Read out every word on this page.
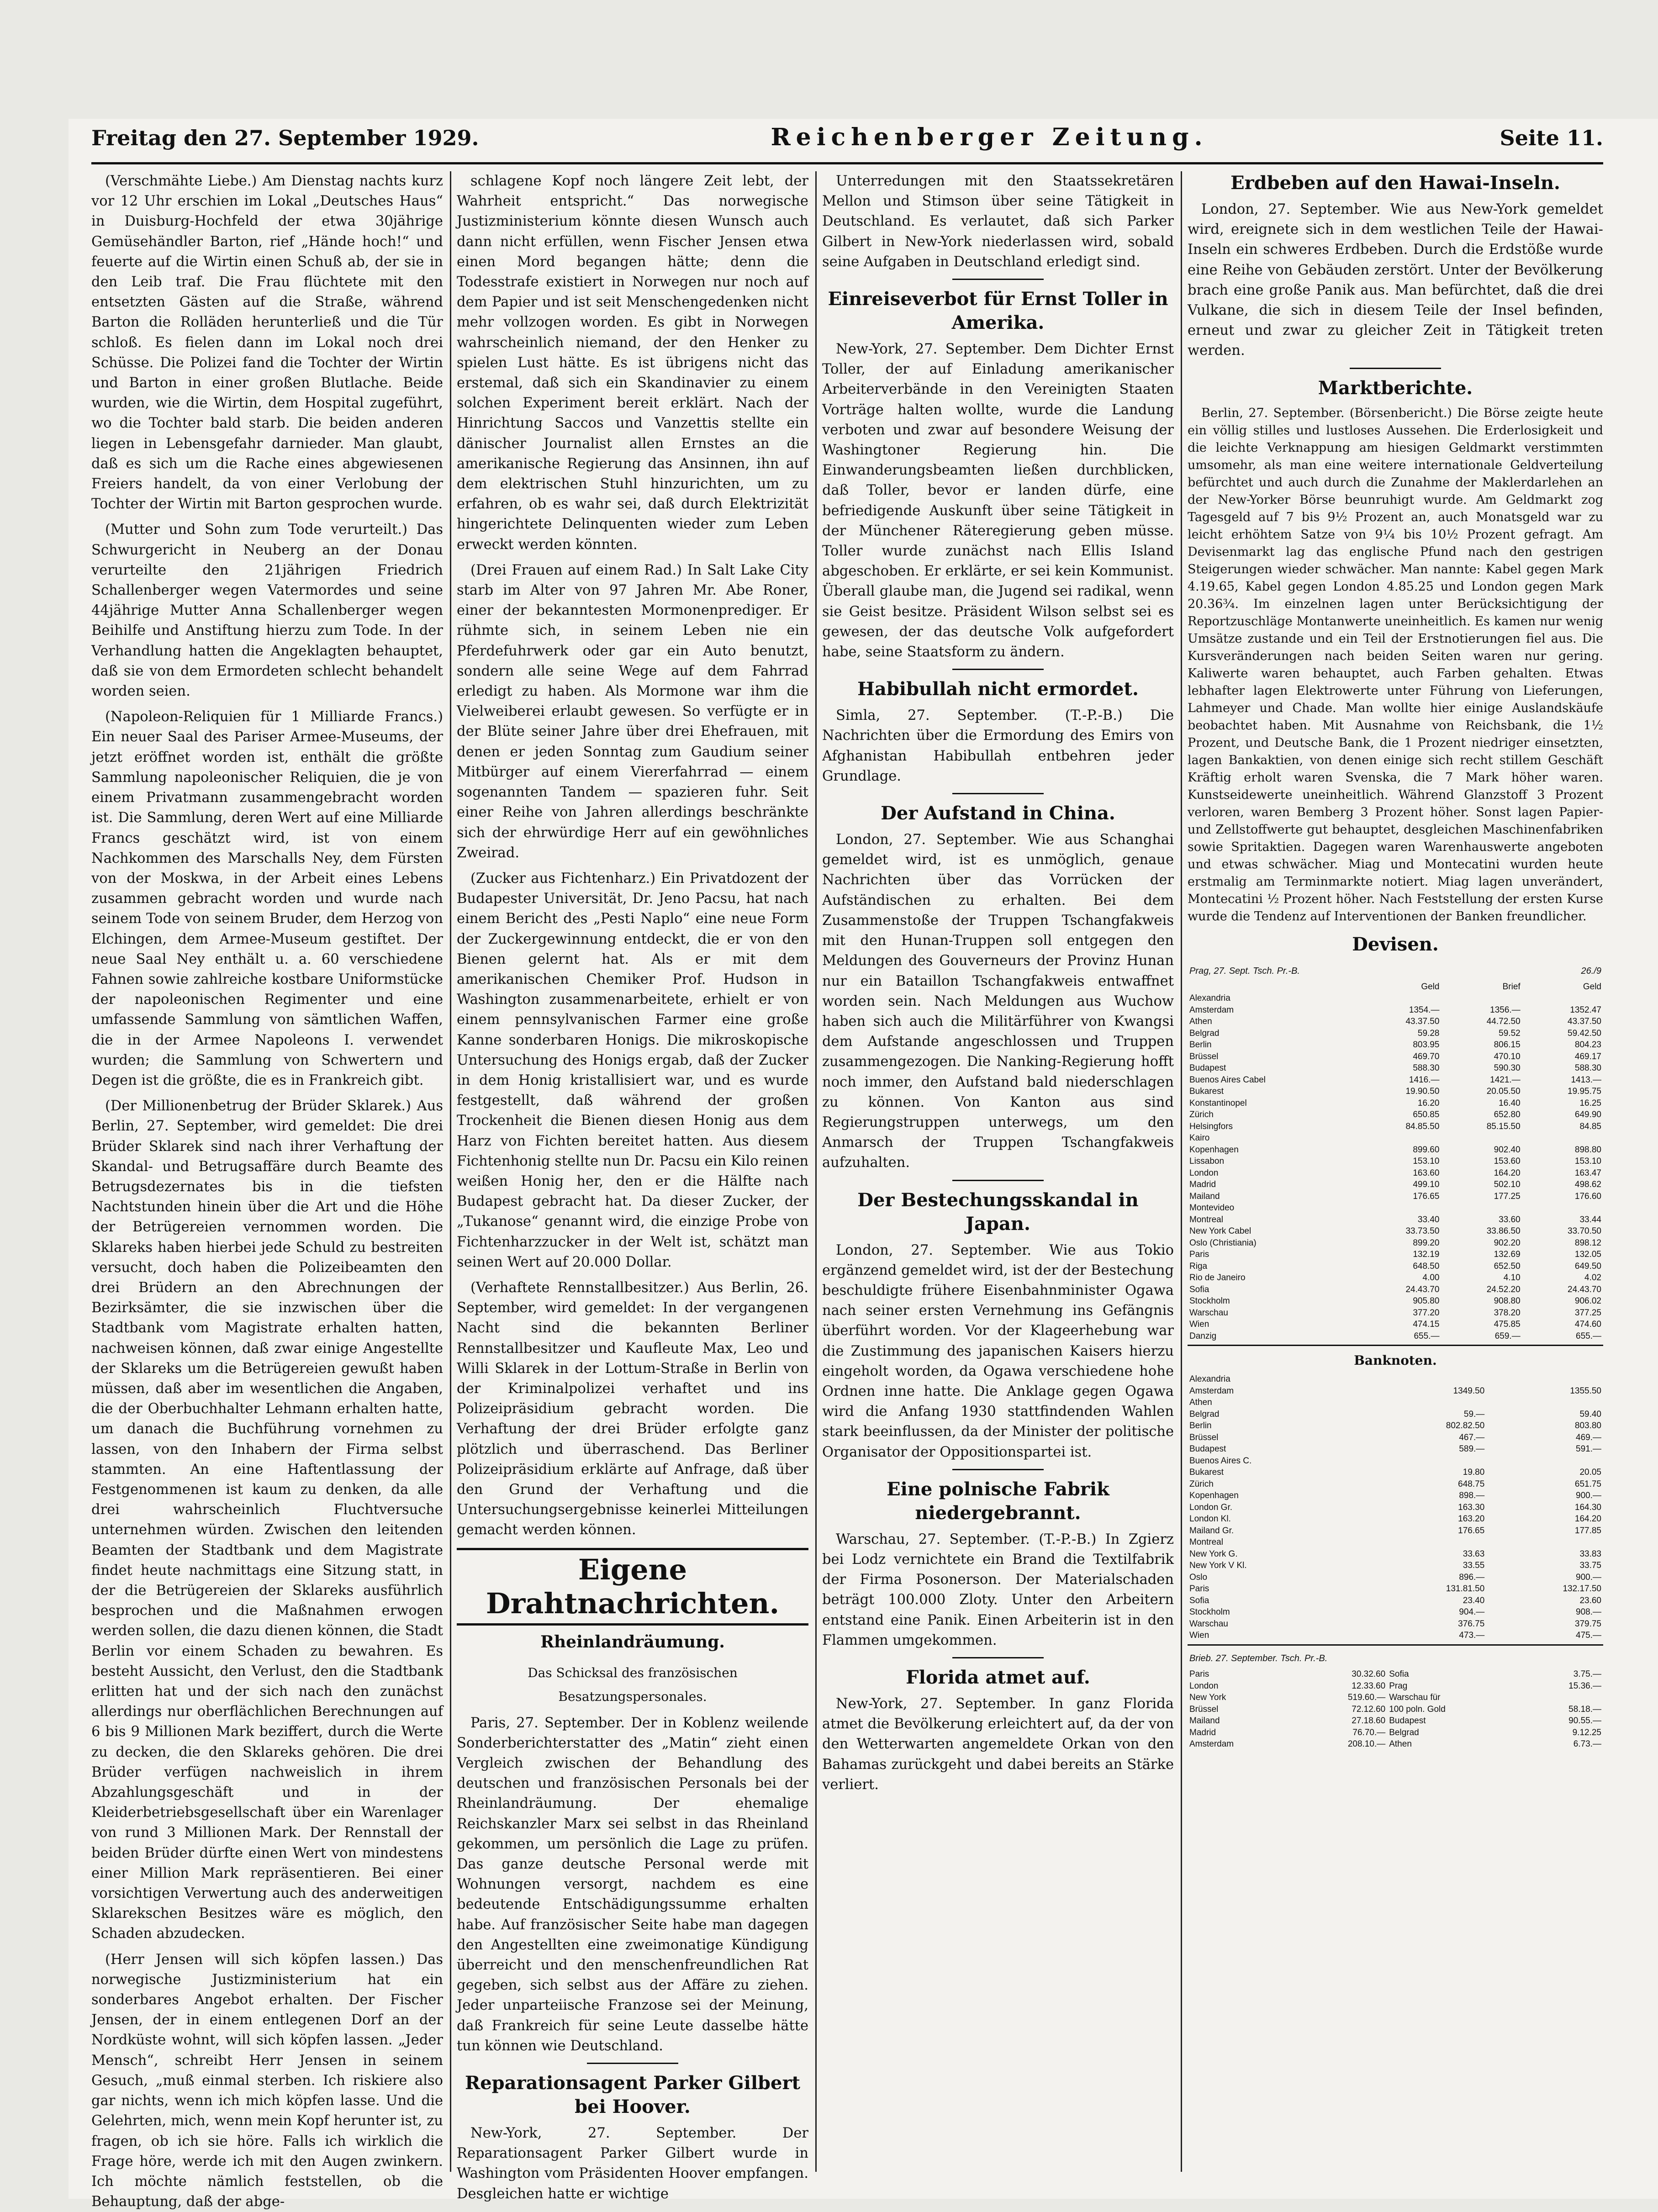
Freitag den 27. September 1929.	Reichenberger Zeitung.	Seite 11.

(Verschmähte Liebe.) Am Dienstag nachts kurz vor 12 Uhr erschien im Lokal „Deutsches Haus“ in Duisburg-Hochfeld der etwa 30jährige Gemüsehändler Barton, rief „Hände hoch!“ und feuerte auf die Wirtin einen Schuß ab, der sie in den Leib traf. Die Frau flüchtete mit den entsetzten Gästen auf die Straße, während Barton die Rolläden herunterließ und die Tür schloß. Es fielen dann im Lokal noch drei Schüsse. Die Polizei fand die Tochter der Wirtin und Barton in einer großen Blutlache. Beide wurden, wie die Wirtin, dem Hospital zugeführt, wo die Tochter bald starb. Die beiden anderen liegen in Lebensgefahr darnieder. Man glaubt, daß es sich um die Rache eines abgewiesenen Freiers handelt, da von einer Verlobung der Tochter der Wirtin mit Barton gesprochen wurde.

(Mutter und Sohn zum Tode verurteilt.) Das Schwurgericht in Neuberg an der Donau verurteilte den 21jährigen Friedrich Schallenberger wegen Vatermordes und seine 44jährige Mutter Anna Schallenberger wegen Beihilfe und Anstiftung hierzu zum Tode. In der Verhandlung hatten die Angeklagten behauptet, daß sie von dem Ermordeten schlecht behandelt worden seien.

(Napoleon-Reliquien für 1 Milliarde Francs.) Ein neuer Saal des Pariser Armee-Museums, der jetzt eröffnet worden ist, enthält die größte Sammlung napoleonischer Reliquien, die je von einem Privatmann zusammengebracht worden ist. Die Sammlung, deren Wert auf eine Milliarde Francs geschätzt wird, ist von einem Nachkommen des Marschalls Ney, dem Fürsten von der Moskwa, in der Arbeit eines Lebens zusammen gebracht worden und wurde nach seinem Tode von seinem Bruder, dem Herzog von Elchingen, dem Armee-Museum gestiftet. Der neue Saal Ney enthält u. a. 60 verschiedene Fahnen sowie zahlreiche kostbare Uniformstücke der napoleonischen Regimenter und eine umfassende Sammlung von sämtlichen Waffen, die in der Armee Napoleons I. verwendet wurden; die Sammlung von Schwertern und Degen ist die größte, die es in Frankreich gibt.

(Der Millionenbetrug der Brüder Sklarek.) Aus Berlin, 27. September, wird gemeldet: Die drei Brüder Sklarek sind nach ihrer Verhaftung der Skandal- und Betrugsaffäre durch Beamte des Betrugsdezernates bis in die tiefsten Nachtstunden hinein über die Art und die Höhe der Betrügereien vernommen worden. Die Sklareks haben hierbei jede Schuld zu bestreiten versucht, doch haben die Polizeibeamten den drei Brüdern an den Abrechnungen der Bezirksämter, die sie inzwischen über die Stadtbank vom Magistrate erhalten hatten, nachweisen können, daß zwar einige Angestellte der Sklareks um die Betrügereien gewußt haben müssen, daß aber im wesentlichen die Angaben, die der Oberbuchhalter Lehmann erhalten hatte, um danach die Buchführung vornehmen zu lassen, von den Inhabern der Firma selbst stammten. An eine Haftentlassung der Festgenommenen ist kaum zu denken, da alle drei wahrscheinlich Fluchtversuche unternehmen würden. Zwischen den leitenden Beamten der Stadtbank und dem Magistrate findet heute nachmittags eine Sitzung statt, in der die Betrügereien der Sklareks ausführlich besprochen und die Maßnahmen erwogen werden sollen, die dazu dienen können, die Stadt Berlin vor einem Schaden zu bewahren. Es besteht Aussicht, den Verlust, den die Stadtbank erlitten hat und der sich nach den zunächst allerdings nur oberflächlichen Berechnungen auf 6 bis 9 Millionen Mark beziffert, durch die Werte zu decken, die den Sklareks gehören. Die drei Brüder verfügen nachweislich in ihrem Abzahlungsgeschäft und in der Kleiderbetriebsgesellschaft über ein Warenlager von rund 3 Millionen Mark. Der Rennstall der beiden Brüder dürfte einen Wert von mindestens einer Million Mark repräsentieren. Bei einer vorsichtigen Verwertung auch des anderweitigen Sklarekschen Besitzes wäre es möglich, den Schaden abzudecken.

(Herr Jensen will sich köpfen lassen.) Das norwegische Justizministerium hat ein sonderbares Angebot erhalten. Der Fischer Jensen, der in einem entlegenen Dorf an der Nordküste wohnt, will sich köpfen lassen. „Jeder Mensch“, schreibt Herr Jensen in seinem Gesuch, „muß einmal sterben. Ich riskiere also gar nichts, wenn ich mich köpfen lasse. Und die Gelehrten, mich, wenn mein Kopf herunter ist, zu fragen, ob ich sie höre. Falls ich wirklich die Frage höre, werde ich mit den Augen zwinkern. Ich möchte nämlich feststellen, ob die Behauptung, daß der abge-

schlagene Kopf noch längere Zeit lebt, der Wahrheit entspricht.“ Das norwegische Justizministerium könnte diesen Wunsch auch dann nicht erfüllen, wenn Fischer Jensen etwa einen Mord begangen hätte; denn die Todesstrafe existiert in Norwegen nur noch auf dem Papier und ist seit Menschengedenken nicht mehr vollzogen worden. Es gibt in Norwegen wahrscheinlich niemand, der den Henker zu spielen Lust hätte. Es ist übrigens nicht das erstemal, daß sich ein Skandinavier zu einem solchen Experiment bereit erklärt. Nach der Hinrichtung Saccos und Vanzettis stellte ein dänischer Journalist allen Ernstes an die amerikanische Regierung das Ansinnen, ihn auf dem elektrischen Stuhl hinzurichten, um zu erfahren, ob es wahr sei, daß durch Elektrizität hingerichtete Delinquenten wieder zum Leben erweckt werden könnten.

(Drei Frauen auf einem Rad.) In Salt Lake City starb im Alter von 97 Jahren Mr. Abe Roner, einer der bekanntesten Mormonenprediger. Er rühmte sich, in seinem Leben nie ein Pferdefuhrwerk oder gar ein Auto benutzt, sondern alle seine Wege auf dem Fahrrad erledigt zu haben. Als Mormone war ihm die Vielweiberei erlaubt gewesen. So verfügte er in der Blüte seiner Jahre über drei Ehefrauen, mit denen er jeden Sonntag zum Gaudium seiner Mitbürger auf einem Viererfahrrad — einem sogenannten Tandem — spazieren fuhr. Seit einer Reihe von Jahren allerdings beschränkte sich der ehrwürdige Herr auf ein gewöhnliches Zweirad.

(Zucker aus Fichtenharz.) Ein Privatdozent der Budapester Universität, Dr. Jeno Pacsu, hat nach einem Bericht des „Pesti Naplo“ eine neue Form der Zuckergewinnung entdeckt, die er von den Bienen gelernt hat. Als er mit dem amerikanischen Chemiker Prof. Hudson in Washington zusammenarbeitete, erhielt er von einem pennsylvanischen Farmer eine große Kanne sonderbaren Honigs. Die mikroskopische Untersuchung des Honigs ergab, daß der Zucker in dem Honig kristallisiert war, und es wurde festgestellt, daß während der großen Trockenheit die Bienen diesen Honig aus dem Harz von Fichten bereitet hatten. Aus diesem Fichtenhonig stellte nun Dr. Pacsu ein Kilo reinen weißen Honig her, den er die Hälfte nach Budapest gebracht hat. Da dieser Zucker, der „Tukanose“ genannt wird, die einzige Probe von Fichtenharzzucker in der Welt ist, schätzt man seinen Wert auf 20.000 Dollar.

(Verhaftete Rennstallbesitzer.) Aus Berlin, 26. September, wird gemeldet: In der vergangenen Nacht sind die bekannten Berliner Rennstallbesitzer und Kaufleute Max, Leo und Willi Sklarek in der Lottum-Straße in Berlin von der Kriminalpolizei verhaftet und ins Polizeipräsidium gebracht worden. Die Verhaftung der drei Brüder erfolgte ganz plötzlich und überraschend. Das Berliner Polizeipräsidium erklärte auf Anfrage, daß über den Grund der Verhaftung und die Untersuchungsergebnisse keinerlei Mitteilungen gemacht werden können.

Eigene Drahtnachrichten.
Rheinlandräumung.
Das Schicksal des französischen Besatzungspersonales.

Paris, 27. September. Der in Koblenz weilende Sonderberichterstatter des „Matin“ zieht einen Vergleich zwischen der Behandlung des deutschen und französischen Personals bei der Rheinlandräumung. Der ehemalige Reichskanzler Marx sei selbst in das Rheinland gekommen, um persönlich die Lage zu prüfen. Das ganze deutsche Personal werde mit Wohnungen versorgt, nachdem es eine bedeutende Entschädigungssumme erhalten habe. Auf französischer Seite habe man dagegen den Angestellten eine zweimonatige Kündigung überreicht und den menschenfreundlichen Rat gegeben, sich selbst aus der Affäre zu ziehen. Jeder unparteiische Franzose sei der Meinung, daß Frankreich für seine Leute dasselbe hätte tun können wie Deutschland.

Reparationsagent Parker Gilbert bei Hoover.

New-York, 27. September. Der Reparationsagent Parker Gilbert wurde in Washington vom Präsidenten Hoover empfangen. Desgleichen hatte er wichtige

Unterredungen mit den Staatssekretären Mellon und Stimson über seine Tätigkeit in Deutschland. Es verlautet, daß sich Parker Gilbert in New-York niederlassen wird, sobald seine Aufgaben in Deutschland erledigt sind.

Einreiseverbot für Ernst Toller in Amerika.

New-York, 27. September. Dem Dichter Ernst Toller, der auf Einladung amerikanischer Arbeiterverbände in den Vereinigten Staaten Vorträge halten wollte, wurde die Landung verboten und zwar auf besondere Weisung der Washingtoner Regierung hin. Die Einwanderungsbeamten ließen durchblicken, daß Toller, bevor er landen dürfe, eine befriedigende Auskunft über seine Tätigkeit in der Münchener Räteregierung geben müsse. Toller wurde zunächst nach Ellis Island abgeschoben. Er erklärte, er sei kein Kommunist. Überall glaube man, die Jugend sei radikal, wenn sie Geist besitze. Präsident Wilson selbst sei es gewesen, der das deutsche Volk aufgefordert habe, seine Staatsform zu ändern.

Habibullah nicht ermordet.

Simla, 27. September. (T.-P.-B.) Die Nachrichten über die Ermordung des Emirs von Afghanistan Habibullah entbehren jeder Grundlage.

Der Aufstand in China.

London, 27. September. Wie aus Schanghai gemeldet wird, ist es unmöglich, genaue Nachrichten über das Vorrücken der Aufständischen zu erhalten. Bei dem Zusammenstoße der Truppen Tschangfakweis mit den Hunan-Truppen soll entgegen den Meldungen des Gouverneurs der Provinz Hunan nur ein Bataillon Tschangfakweis entwaffnet worden sein. Nach Meldungen aus Wuchow haben sich auch die Militärführer von Kwangsi dem Aufstande angeschlossen und Truppen zusammengezogen. Die Nanking-Regierung hofft noch immer, den Aufstand bald niederschlagen zu können. Von Kanton aus sind Regierungstruppen unterwegs, um den Anmarsch der Truppen Tschangfakweis aufzuhalten.

Der Bestechungsskandal in Japan.

London, 27. September. Wie aus Tokio ergänzend gemeldet wird, ist der der Bestechung beschuldigte frühere Eisenbahnminister Ogawa nach seiner ersten Vernehmung ins Gefängnis überführt worden. Vor der Klageerhebung war die Zustimmung des japanischen Kaisers hierzu eingeholt worden, da Ogawa verschiedene hohe Ordnen inne hatte. Die Anklage gegen Ogawa wird die Anfang 1930 stattfindenden Wahlen stark beeinflussen, da der Minister der politische Organisator der Oppositionspartei ist.

Eine polnische Fabrik niedergebrannt.

Warschau, 27. September. (T.-P.-B.) In Zgierz bei Lodz vernichtete ein Brand die Textilfabrik der Firma Posonerson. Der Materialschaden beträgt 100.000 Zloty. Unter den Arbeitern entstand eine Panik. Einen Arbeiterin ist in den Flammen umgekommen.

Florida atmet auf.

New-York, 27. September. In ganz Florida atmet die Bevölkerung erleichtert auf, da der von den Wetterwarten angemeldete Orkan von den Bahamas zurückgeht und dabei bereits an Stärke verliert.

Erdbeben auf den Hawai-Inseln.

London, 27. September. Wie aus New-York gemeldet wird, ereignete sich in dem westlichen Teile der Hawai-Inseln ein schweres Erdbeben. Durch die Erdstöße wurde eine Reihe von Gebäuden zerstört. Unter der Bevölkerung brach eine große Panik aus. Man befürchtet, daß die drei Vulkane, die sich in diesem Teile der Insel befinden, erneut und zwar zu gleicher Zeit in Tätigkeit treten werden.

Marktberichte.

Berlin, 27. September. (Börsenbericht.) Die Börse zeigte heute ein völlig stilles und lustloses Aussehen. Die Erderlosigkeit und die leichte Verknappung am hiesigen Geldmarkt verstimmten umsomehr, als man eine weitere internationale Geldverteilung befürchtet und auch durch die Zunahme der Maklerdarlehen an der New-Yorker Börse beunruhigt wurde. Am Geldmarkt zog Tagesgeld auf 7 bis 9½ Prozent an, auch Monatsgeld war zu leicht erhöhtem Satze von 9¼ bis 10½ Prozent gefragt. Am Devisenmarkt lag das englische Pfund nach den gestrigen Steigerungen wieder schwächer. Man nannte: Kabel gegen Mark 4.19.65, Kabel gegen London 4.85.25 und London gegen Mark 20.36¾. Im einzelnen lagen unter Berücksichtigung der Reportzuschläge Montanwerte uneinheitlich. Es kamen nur wenig Umsätze zustande und ein Teil der Erstnotierungen fiel aus. Die Kursveränderungen nach beiden Seiten waren nur gering. Kaliwerte waren behauptet, auch Farben gehalten. Etwas lebhafter lagen Elektrowerte unter Führung von Lieferungen, Lahmeyer und Chade. Man wollte hier einige Auslandskäufe beobachtet haben. Mit Ausnahme von Reichsbank, die 1½ Prozent, und Deutsche Bank, die 1 Prozent niedriger einsetzten, lagen Bankaktien, von denen einige sich recht stillem Geschäft Kräftig erholt waren Svenska, die 7 Mark höher waren. Kunstseidewerte uneinheitlich. Während Glanzstoff 3 Prozent verloren, waren Bemberg 3 Prozent höher. Sonst lagen Papier- und Zellstoffwerte gut behauptet, desgleichen Maschinenfabriken sowie Spritaktien. Dagegen waren Warenhauswerte angeboten und etwas schwächer. Miag und Montecatini wurden heute erstmalig am Terminmarkte notiert. Miag lagen unverändert, Montecatini ½ Prozent höher. Nach Feststellung der ersten Kurse wurde die Tendenz auf Interventionen der Banken freundlicher.

Devisen.
Prag, 27. Sept. Tsch. Pr.-B.	26./9
	Geld	Brief	Geld
Alexandria			
Amsterdam	1354.—	1356.—	1352.47
Athen	43.37.50	44.72.50	43.37.50
Belgrad	59.28	59.52	59.42.50
Berlin	803.95	806.15	804.23
Brüssel	469.70	470.10	469.17
Budapest	588.30	590.30	588.30
Buenos Aires Cabel	1416.—	1421.—	1413.—
Bukarest	19.90.50	20.05.50	19.95.75
Konstantinopel	16.20	16.40	16.25
Zürich	650.85	652.80	649.90
Helsingfors	84.85.50	85.15.50	84.85
Kairo			
Kopenhagen	899.60	902.40	898.80
Lissabon	153.10	153.60	153.10
London	163.60	164.20	163.47
Madrid	499.10	502.10	498.62
Mailand	176.65	177.25	176.60
Montevideo			
Montreal	33.40	33.60	33.44
New York Cabel	33.73.50	33.86.50	33.70.50
Oslo (Christiania)	899.20	902.20	898.12
Paris	132.19	132.69	132.05
Riga	648.50	652.50	649.50
Rio de Janeiro	4.00	4.10	4.02
Sofia	24.43.70	24.52.20	24.43.70
Stockholm	905.80	908.80	906.02
Warschau	377.20	378.20	377.25
Wien	474.15	475.85	474.60
Danzig	655.—	659.—	655.—
Banknoten.
Alexandria		
Amsterdam	1349.50	1355.50
Athen		
Belgrad	59.—	59.40
Berlin	802.82.50	803.80
Brüssel	467.—	469.—
Budapest	589.—	591.—
Buenos Aires C.		
Bukarest	19.80	20.05
Zürich	648.75	651.75
Kopenhagen	898.—	900.—
London Gr.	163.30	164.30
London Kl.	163.20	164.20
Mailand Gr.	176.65	177.85
Montreal		
New York G.	33.63	33.83
New York V Kl.	33.55	33.75
Oslo	896.—	900.—
Paris	131.81.50	132.17.50
Sofia	23.40	23.60
Stockholm	904.—	908.—
Warschau	376.75	379.75
Wien	473.—	475.—
Brieb. 27. September. Tsch. Pr.-B.
Paris	30.32.60	Sofia	3.75.—
London	12.33.60	Prag	15.36.—
New York	519.60.—	Warschau für	
Brüssel	72.12.60	100 poln. Gold	58.18.—
Mailand	27.18.60	Budapest	90.55.—
Madrid	76.70.—	Belgrad	9.12.25
Amsterdam	208.10.—	Athen	6.73.—
